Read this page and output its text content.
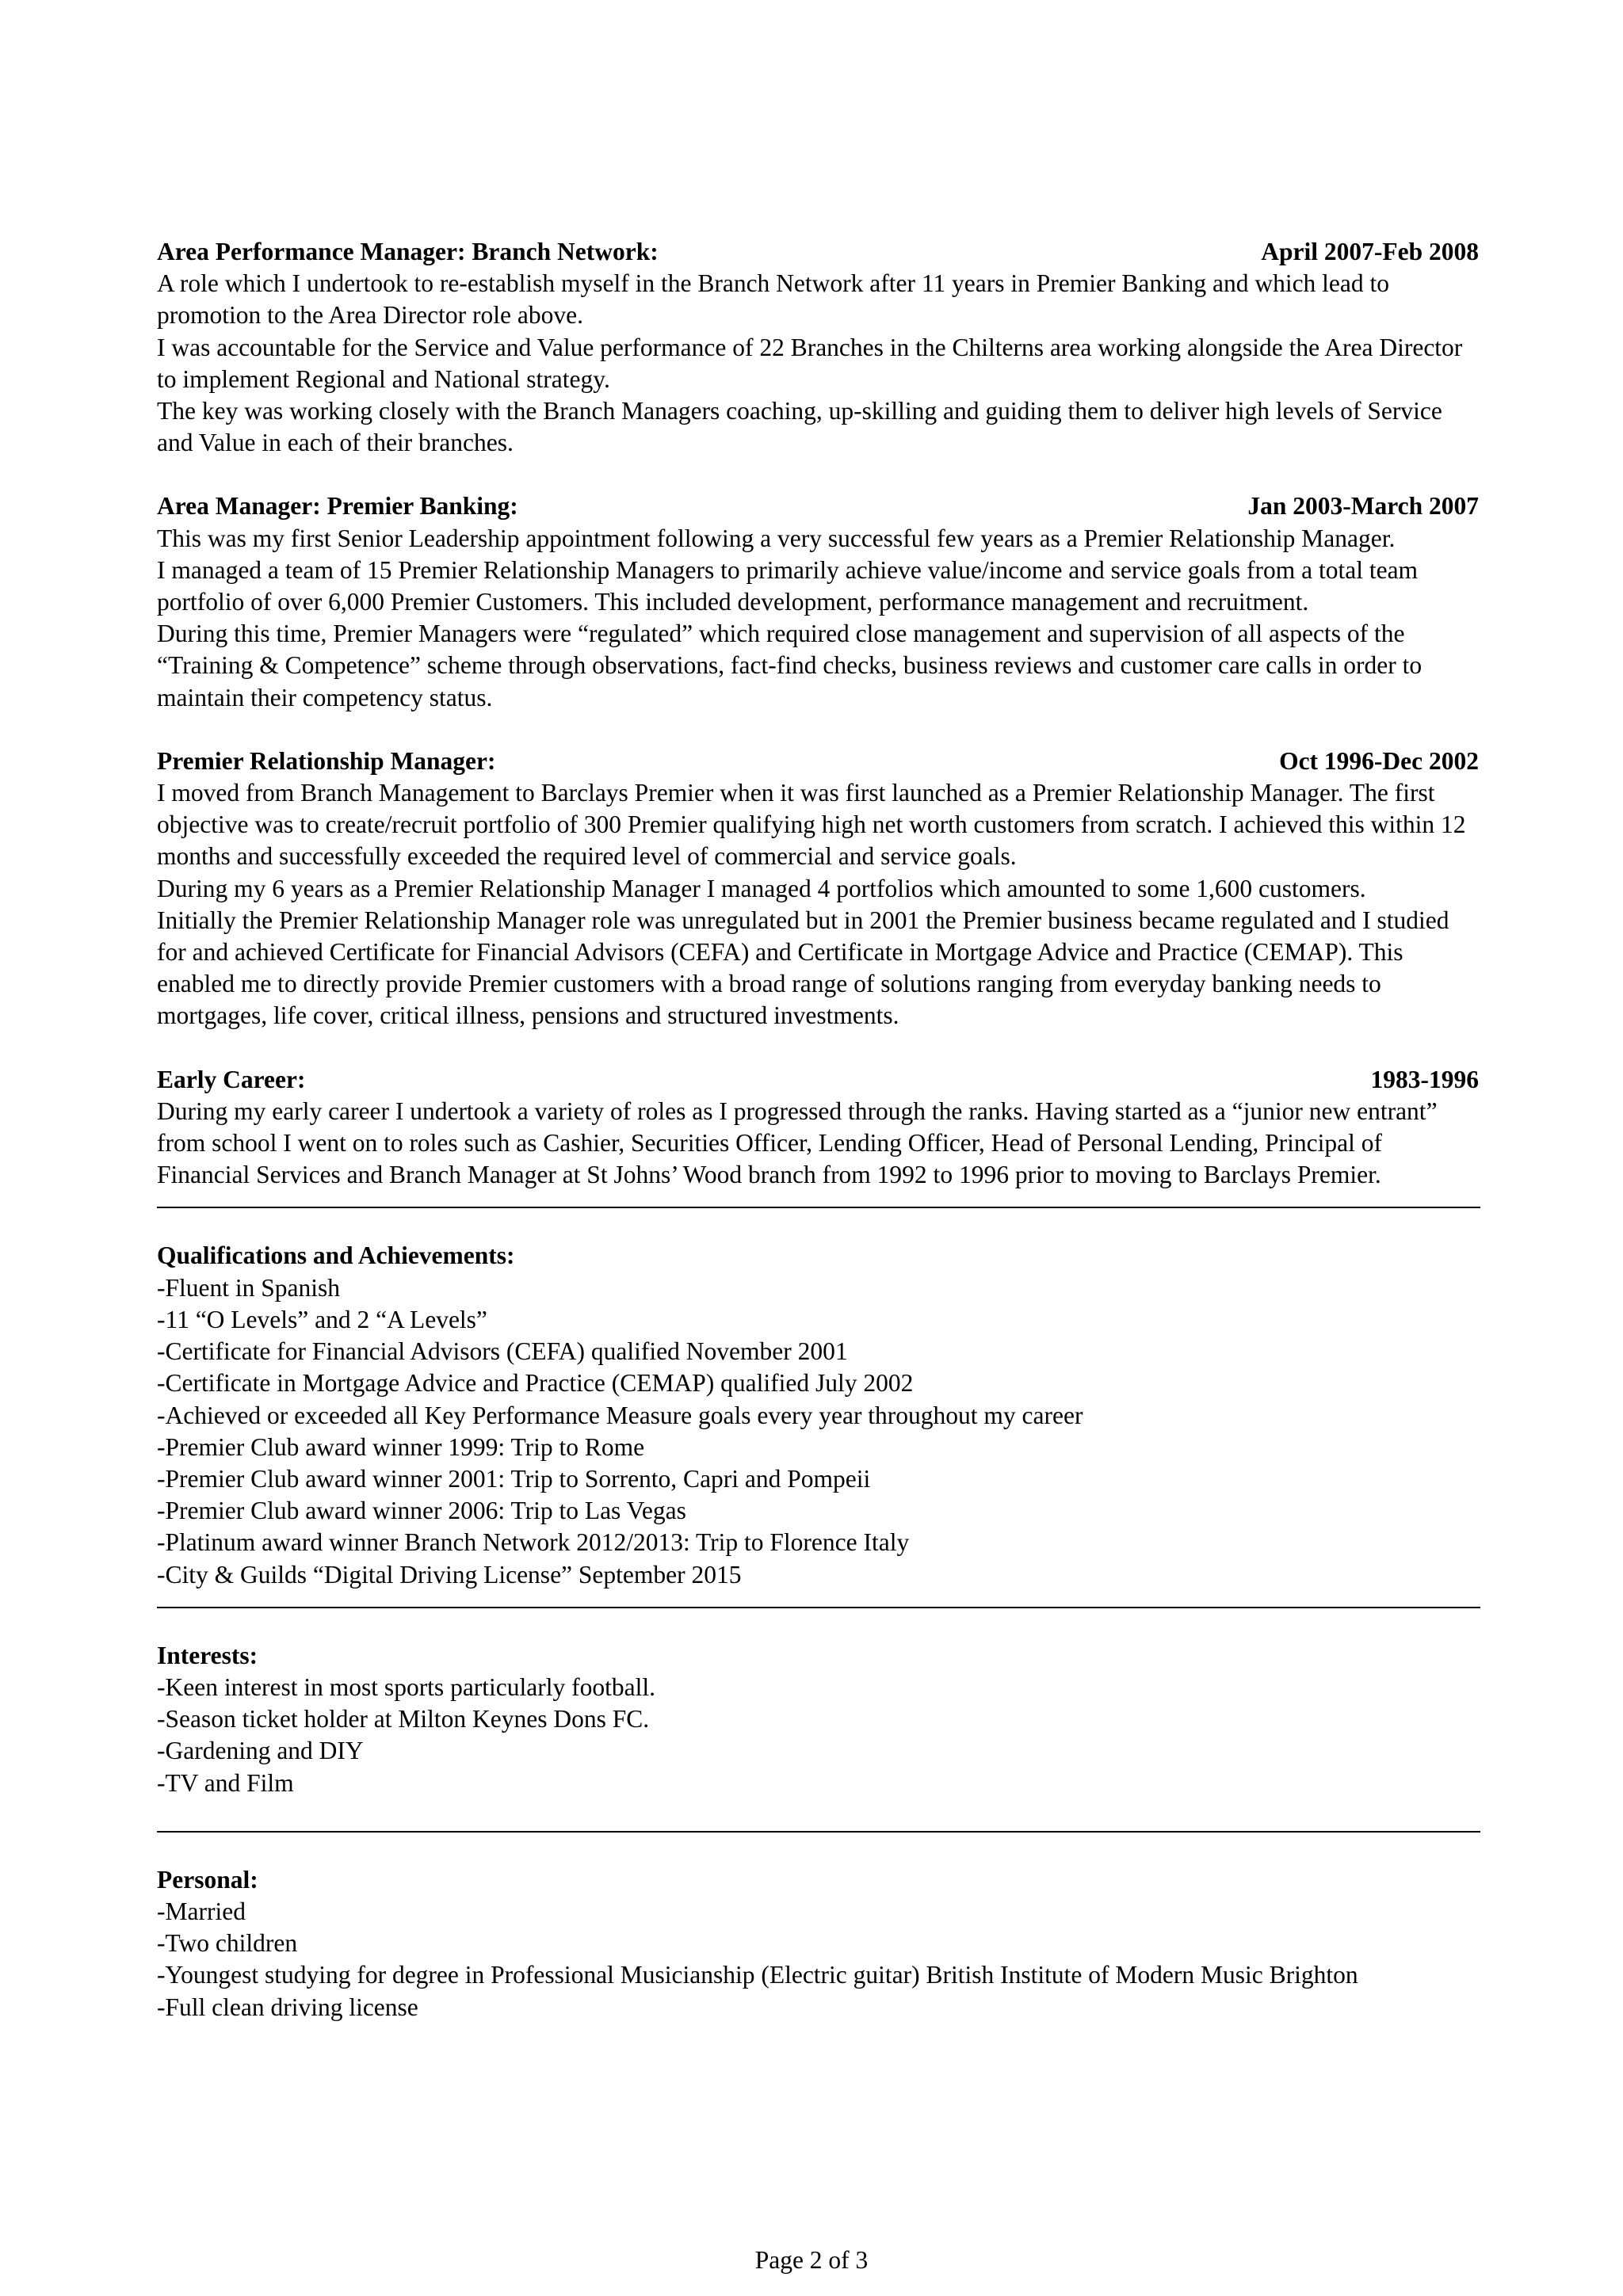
Area Performance Manager: Branch Network:	April 2007-Feb 2008

A role which I undertook to re-establish myself in the Branch Network after 11 years in Premier Banking and which lead to promotion to the Area Director role above.

I was accountable for the Service and Value performance of 22 Branches in the Chilterns area working alongside the Area Director to implement Regional and National strategy.

The key was working closely with the Branch Managers coaching, up-skilling and guiding them to deliver high levels of Service and Value in each of their branches.

Area Manager: Premier Banking:	Jan 2003-March 2007

This was my first Senior Leadership appointment following a very successful few years as a Premier Relationship Manager.

I managed a team of 15 Premier Relationship Managers to primarily achieve value/income and service goals from a total team portfolio of over 6,000 Premier Customers. This included development, performance management and recruitment.

During this time, Premier Managers were “regulated” which required close management and supervision of all aspects of the “Training & Competence” scheme through observations, fact-find checks, business reviews and customer care calls in order to maintain their competency status.

Premier Relationship Manager:	Oct 1996-Dec 2002

I moved from Branch Management to Barclays Premier when it was first launched as a Premier Relationship Manager. The first objective was to create/recruit portfolio of 300 Premier qualifying high net worth customers from scratch. I achieved this within 12 months and successfully exceeded the required level of commercial and service goals.

During my 6 years as a Premier Relationship Manager I managed 4 portfolios which amounted to some 1,600 customers.

Initially the Premier Relationship Manager role was unregulated but in 2001 the Premier business became regulated and I studied for and achieved Certificate for Financial Advisors (CEFA) and Certificate in Mortgage Advice and Practice (CEMAP). This enabled me to directly provide Premier customers with a broad range of solutions ranging from everyday banking needs to mortgages, life cover, critical illness, pensions and structured investments.

Early Career:	1983-1996

During my early career I undertook a variety of roles as I progressed through the ranks. Having started as a “junior new entrant” from school I went on to roles such as Cashier, Securities Officer, Lending Officer, Head of Personal Lending, Principal of Financial Services and Branch Manager at St Johns’ Wood branch from 1992 to 1996 prior to moving to Barclays Premier.

Qualifications and Achievements:
-Fluent in Spanish
-11 “O Levels” and 2 “A Levels”
-Certificate for Financial Advisors (CEFA) qualified November 2001
-Certificate in Mortgage Advice and Practice (CEMAP) qualified July 2002
-Achieved or exceeded all Key Performance Measure goals every year throughout my career
-Premier Club award winner 1999: Trip to Rome
-Premier Club award winner 2001: Trip to Sorrento, Capri and Pompeii
-Premier Club award winner 2006: Trip to Las Vegas
-Platinum award winner Branch Network 2012/2013: Trip to Florence Italy
-City & Guilds “Digital Driving License” September 2015
Interests:
-Keen interest in most sports particularly football.
-Season ticket holder at Milton Keynes Dons FC.
-Gardening and DIY
-TV and Film
Personal:
-Married
-Two children
-Youngest studying for degree in Professional Musicianship (Electric guitar) British Institute of Modern Music Brighton
-Full clean driving license
Page 2 of 3
